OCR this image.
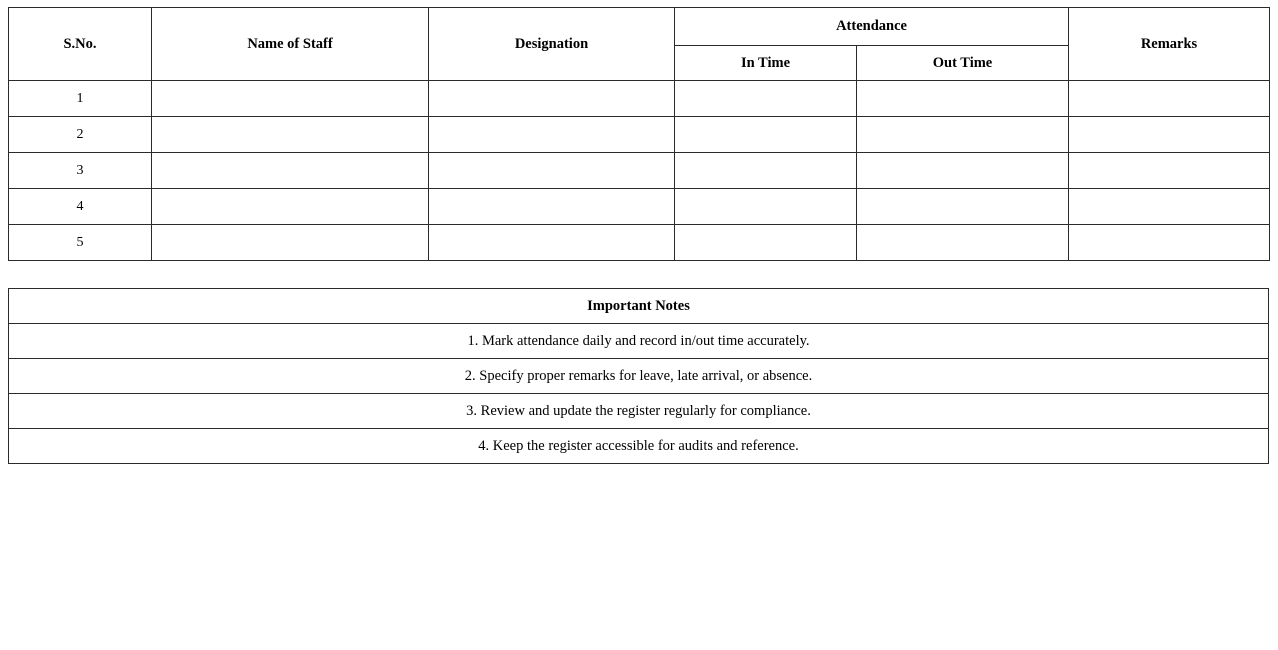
S.No.	Name of Staff	Designation	Attendance		Remarks
			In Time	Out Time	
1					
2					
3					
4					
5					
Important Notes
1. Mark attendance daily and record in/out time accurately.
2. Specify proper remarks for leave, late arrival, or absence.
3. Review and update the register regularly for compliance.
4. Keep the register accessible for audits and reference.
